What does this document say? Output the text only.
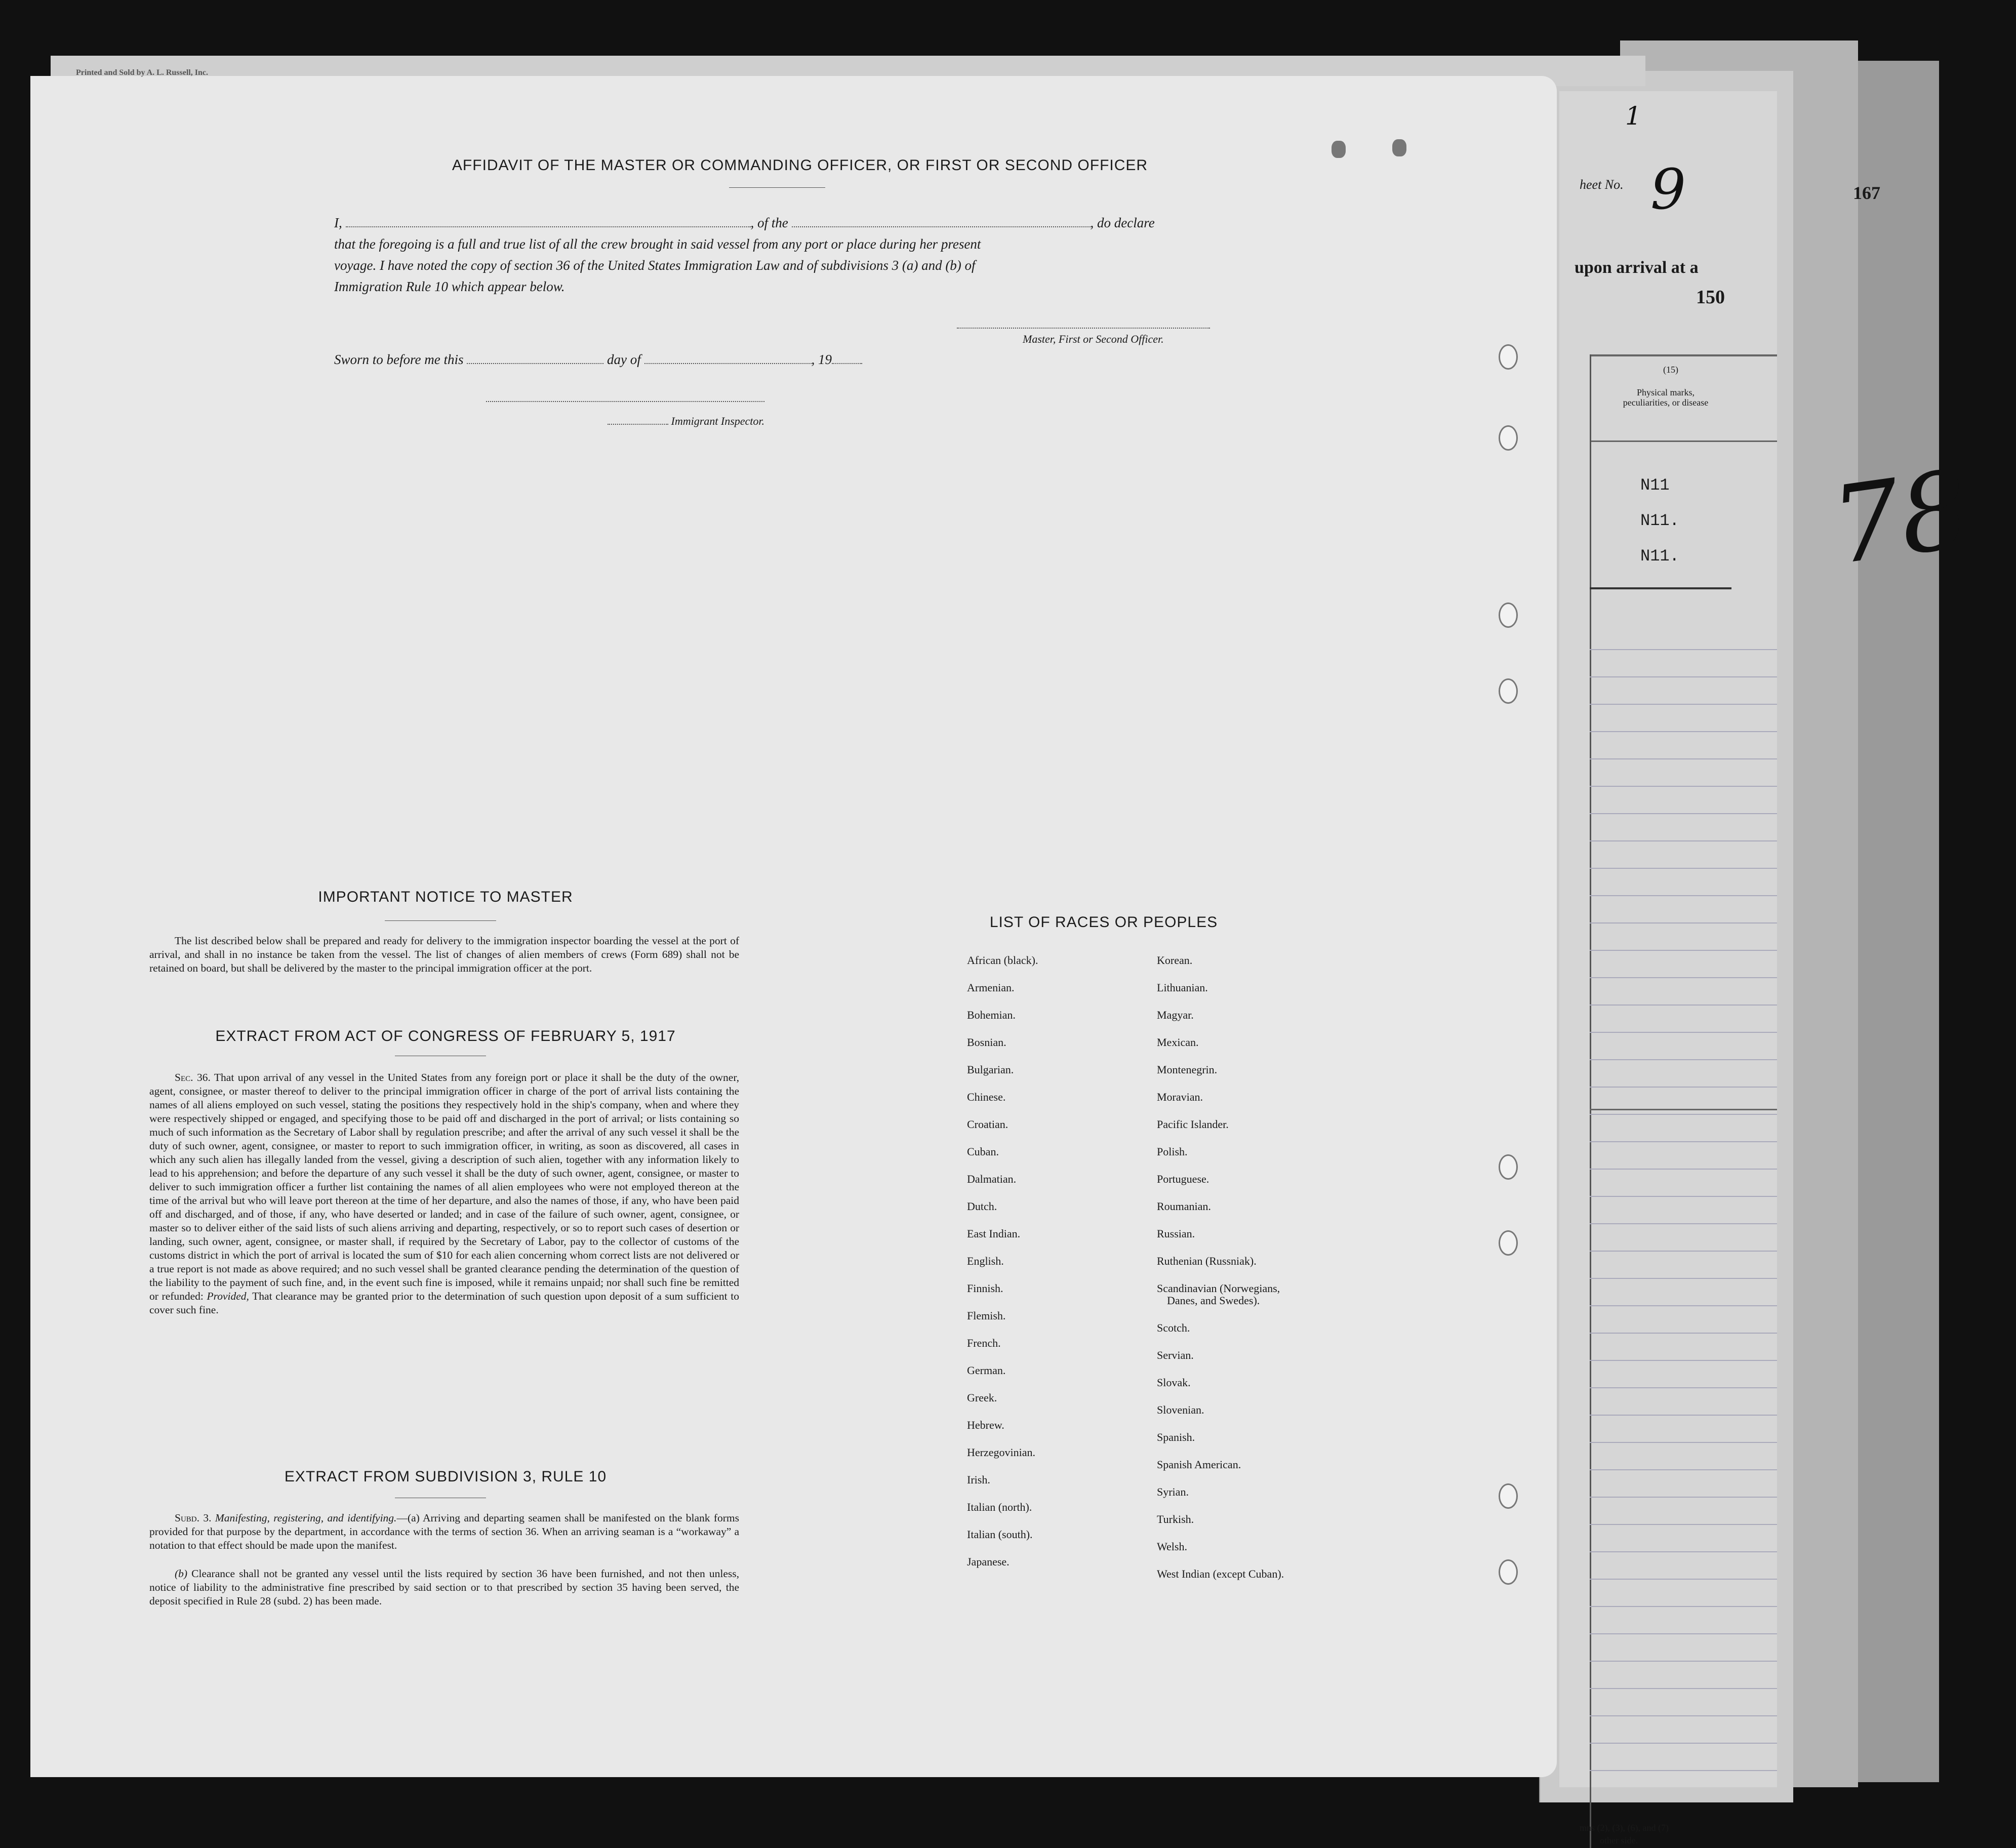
heet No. 9
1
upon arrival at a
150
(15)
Physical marks, peculiarities, or disease
N11
N11.
N11.
mns (2), (3), (6), and (7)
other side.
167
78
Printed and Sold by A. L. Russell, Inc.
AFFIDAVIT OF THE MASTER OR COMMANDING OFFICER, OR FIRST OR SECOND OFFICER
I,	, of the	, do declare
that the foregoing is a full and true list of all the crew brought in said vessel from any port or place during her present
voyage. I have noted the copy of section 36 of the United States Immigration Law and of subdivisions 3 (a) and (b) of
Immigration Rule 10 which appear below.
Master, First or Second Officer.
Sworn to before me this	day of	, 19
Immigrant Inspector.
IMPORTANT NOTICE TO MASTER
The list described below shall be prepared and ready for delivery to the immigration inspector boarding the vessel at the port of arrival, and shall in no instance be taken from the vessel. The list of changes of alien members of crews (Form 689) shall not be retained on board, but shall be delivered by the master to the principal immigration officer at the port.
EXTRACT FROM ACT OF CONGRESS OF FEBRUARY 5, 1917
Sec. 36. That upon arrival of any vessel in the United States from any foreign port or place it shall be the duty of the owner, agent, consignee, or master thereof to deliver to the principal immigration officer in charge of the port of arrival lists containing the names of all aliens employed on such vessel, stating the positions they respectively hold in the ship's company, when and where they were respectively shipped or engaged, and specifying those to be paid off and discharged in the port of arrival; or lists containing so much of such information as the Secretary of Labor shall by regulation prescribe; and after the arrival of any such vessel it shall be the duty of such owner, agent, consignee, or master to report to such immigration officer, in writing, as soon as discovered, all cases in which any such alien has illegally landed from the vessel, giving a description of such alien, together with any information likely to lead to his apprehension; and before the departure of any such vessel it shall be the duty of such owner, agent, consignee, or master to deliver to such immigration officer a further list containing the names of all alien employees who were not employed thereon at the time of the arrival but who will leave port thereon at the time of her departure, and also the names of those, if any, who have been paid off and discharged, and of those, if any, who have deserted or landed; and in case of the failure of such owner, agent, consignee, or master so to deliver either of the said lists of such aliens arriving and departing, respectively, or so to report such cases of desertion or landing, such owner, agent, consignee, or master shall, if required by the Secretary of Labor, pay to the collector of customs of the customs district in which the port of arrival is located the sum of $10 for each alien concerning whom correct lists are not delivered or a true report is not made as above required; and no such vessel shall be granted clearance pending the determination of the question of the liability to the payment of such fine, and, in the event such fine is imposed, while it remains unpaid; nor shall such fine be remitted or refunded: Provided, That clearance may be granted prior to the determination of such question upon deposit of a sum sufficient to cover such fine.
EXTRACT FROM SUBDIVISION 3, RULE 10
Subd. 3. Manifesting, registering, and identifying.—(a) Arriving and departing seamen shall be manifested on the blank forms provided for that purpose by the department, in accordance with the terms of section 36. When an arriving seaman is a “workaway” a notation to that effect should be made upon the manifest.
(b) Clearance shall not be granted any vessel until the lists required by section 36 have been furnished, and not then unless, notice of liability to the administrative fine prescribed by said section or to that prescribed by section 35 having been served, the deposit specified in Rule 28 (subd. 2) has been made.
LIST OF RACES OR PEOPLES
African (black).
Armenian.
Bohemian.
Bosnian.
Bulgarian.
Chinese.
Croatian.
Cuban.
Dalmatian.
Dutch.
East Indian.
English.
Finnish.
Flemish.
French.
German.
Greek.
Hebrew.
Herzegovinian.
Irish.
Italian (north).
Italian (south).
Japanese.
Korean.
Lithuanian.
Magyar.
Mexican.
Montenegrin.
Moravian.
Pacific Islander.
Polish.
Portuguese.
Roumanian.
Russian.
Ruthenian (Russniak).
Scandinavian (Norwegians,
Danes, and Swedes).
Scotch.
Servian.
Slovak.
Slovenian.
Spanish.
Spanish American.
Syrian.
Turkish.
Welsh.
West Indian (except Cuban).
